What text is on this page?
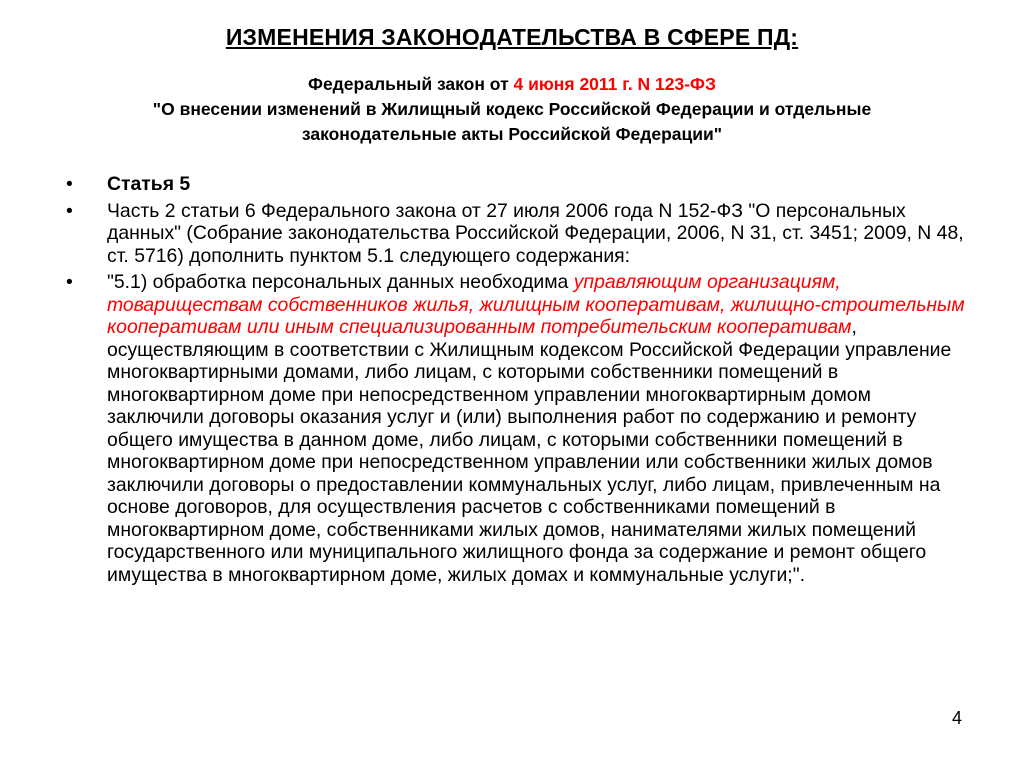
ИЗМЕНЕНИЯ ЗАКОНОДАТЕЛЬСТВА В СФЕРЕ ПД:
Федеральный закон от 4 июня 2011 г. N 123-ФЗ
"О внесении изменений в Жилищный кодекс Российской Федерации и отдельные
законодательные акты Российской Федерации"
•	Статья 5
•	Часть 2 статьи 6 Федерального закона от 27 июля 2006 года N 152-ФЗ "О персональных данных" (Собрание законодательства Российской Федерации, 2006, N 31, ст. 3451; 2009, N 48, ст. 5716) дополнить пунктом 5.1 следующего содержания:
•	"5.1) обработка персональных данных необходима управляющим организациям, товариществам собственников жилья, жилищным кооперативам, жилищно-строительным кооперативам или иным специализированным потребительским кооперативам, осуществляющим в соответствии с Жилищным кодексом Российской Федерации управление многоквартирными домами, либо лицам, с которыми собственники помещений в многоквартирном доме при непосредственном управлении многоквартирным домом заключили договоры оказания услуг и (или) выполнения работ по содержанию и ремонту общего имущества в данном доме, либо лицам, с которыми собственники помещений в многоквартирном доме при непосредственном управлении или собственники жилых домов заключили договоры о предоставлении коммунальных услуг, либо лицам, привлеченным на основе договоров, для осуществления расчетов с собственниками помещений в многоквартирном доме, собственниками жилых домов, нанимателями жилых помещений государственного или муниципального жилищного фонда за содержание и ремонт общего имущества в многоквартирном доме, жилых домах и коммунальные услуги;".
4
